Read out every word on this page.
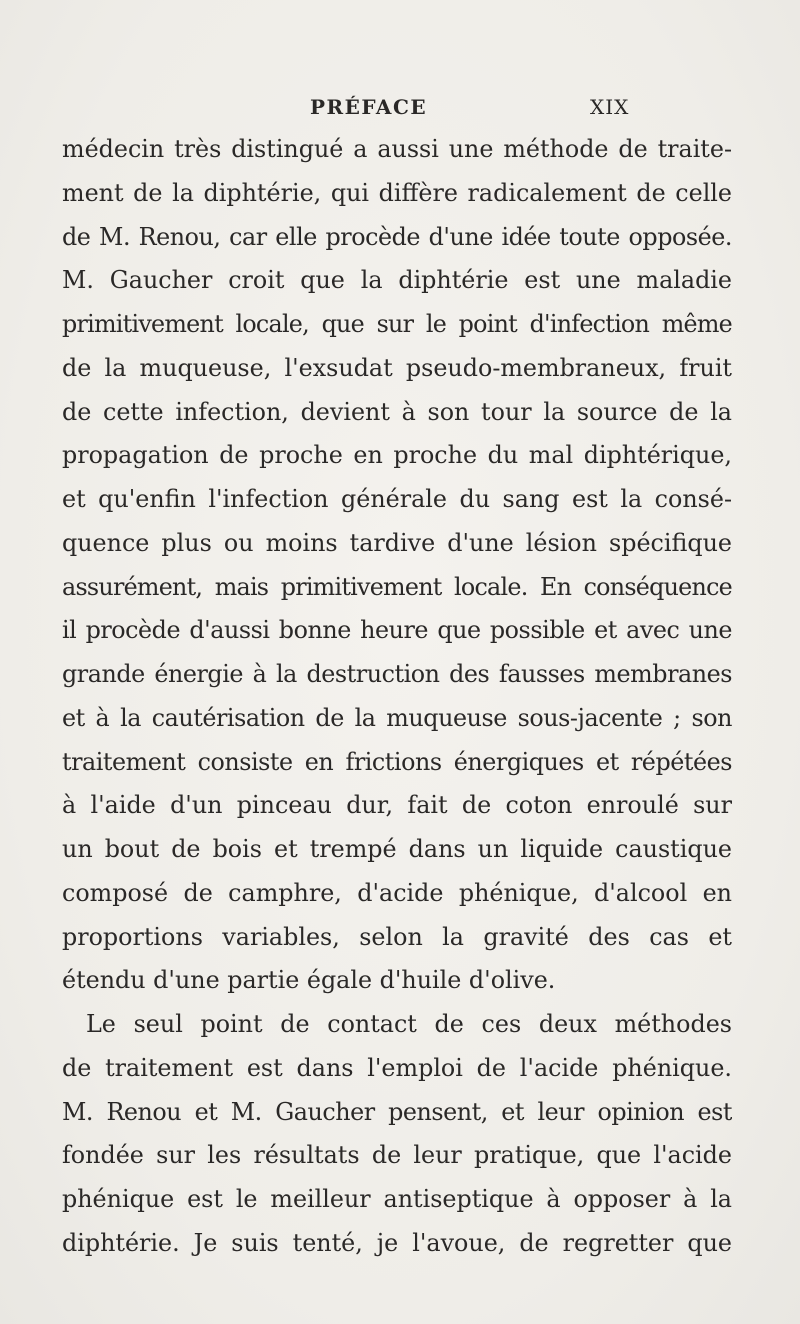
PRÉFACE	XIX
médecin très distingué a aussi une méthode de traite-
ment de la diphtérie, qui diffère radicalement de celle
de M. Renou, car elle procède d'une idée toute opposée.
M. Gaucher croit que la diphtérie est une maladie
primitivement locale, que sur le point d'infection même
de la muqueuse, l'exsudat pseudo-membraneux, fruit
de cette infection, devient à son tour la source de la
propagation de proche en proche du mal diphtérique,
et qu'enfin l'infection générale du sang est la consé-
quence plus ou moins tardive d'une lésion spécifique
assurément, mais primitivement locale. En conséquence
il procède d'aussi bonne heure que possible et avec une
grande énergie à la destruction des fausses membranes
et à la cautérisation de la muqueuse sous-jacente ; son
traitement consiste en frictions énergiques et répétées
à l'aide d'un pinceau dur, fait de coton enroulé sur
un bout de bois et trempé dans un liquide caustique
composé de camphre, d'acide phénique, d'alcool en
proportions variables, selon la gravité des cas et
étendu d'une partie égale d'huile d'olive.
Le seul point de contact de ces deux méthodes
de traitement est dans l'emploi de l'acide phénique.
M. Renou et M. Gaucher pensent, et leur opinion est
fondée sur les résultats de leur pratique, que l'acide
phénique est le meilleur antiseptique à opposer à la
diphtérie. Je suis tenté, je l'avoue, de regretter que
